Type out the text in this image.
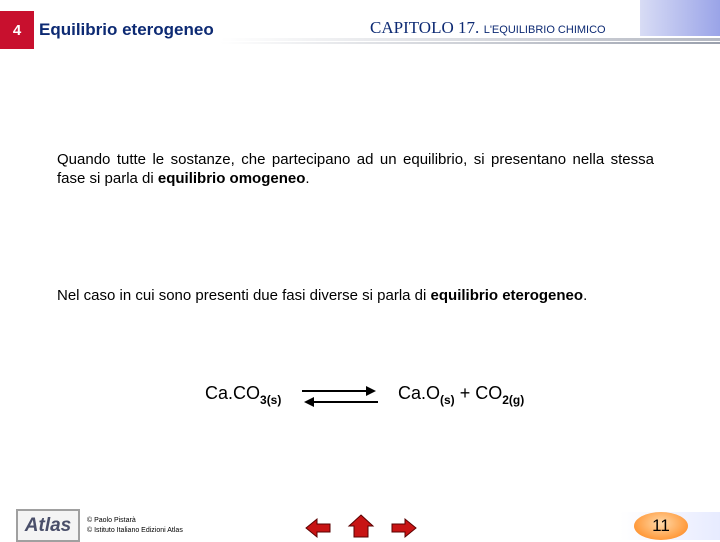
4 Equilibrio eterogeneo	CAPITOLO 17. L'EQUILIBRIO CHIMICO
Quando tutte le sostanze, che partecipano ad un equilibrio, si presentano nella stessa fase si parla di equilibrio omogeneo.
Nel caso in cui sono presenti due fasi diverse si parla di equilibrio eterogeneo.
$Ca.CO_{3(s)}$	$Ca.O_{(s)} + CO_{2(g)}$
Atlas © Paolo Pistarà
© Istituto Italiano Edizioni Atlas	11
